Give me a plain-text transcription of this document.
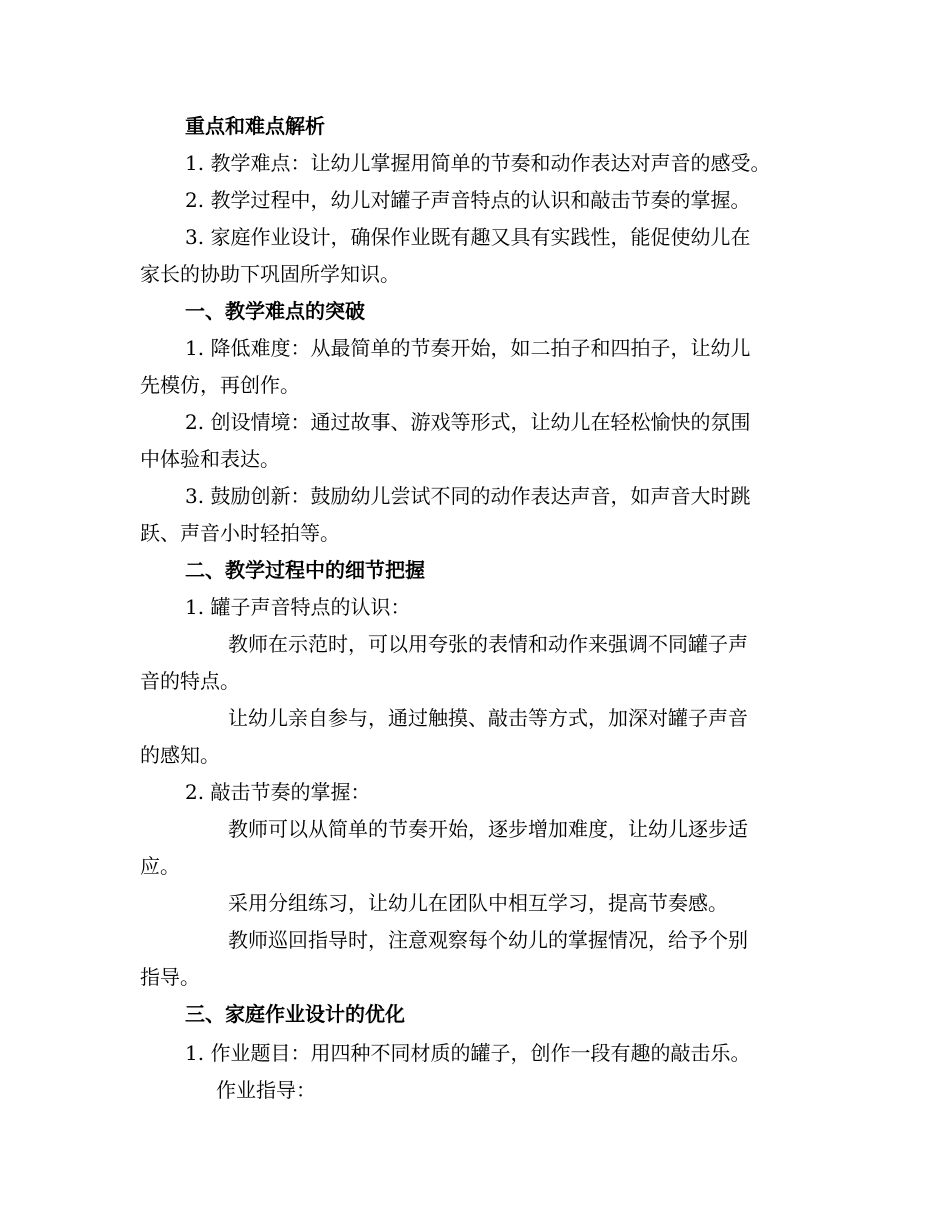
重点和难点解析
1. 教学难点：让幼儿掌握用简单的节奏和动作表达对声音的感受。
2. 教学过程中，幼儿对罐子声音特点的认识和敲击节奏的掌握。
3. 家庭作业设计，确保作业既有趣又具有实践性，能促使幼儿在
家长的协助下巩固所学知识。
一、教学难点的突破
1. 降低难度：从最简单的节奏开始，如二拍子和四拍子，让幼儿
先模仿，再创作。
2. 创设情境：通过故事、游戏等形式，让幼儿在轻松愉快的氛围
中体验和表达。
3. 鼓励创新：鼓励幼儿尝试不同的动作表达声音，如声音大时跳
跃、声音小时轻拍等。
二、教学过程中的细节把握
1. 罐子声音特点的认识：
教师在示范时，可以用夸张的表情和动作来强调不同罐子声
音的特点。
让幼儿亲自参与，通过触摸、敲击等方式，加深对罐子声音
的感知。
2. 敲击节奏的掌握：
教师可以从简单的节奏开始，逐步增加难度，让幼儿逐步适
应。
采用分组练习，让幼儿在团队中相互学习，提高节奏感。
教师巡回指导时，注意观察每个幼儿的掌握情况，给予个别
指导。
三、家庭作业设计的优化
1. 作业题目：用四种不同材质的罐子，创作一段有趣的敲击乐。
作业指导：
